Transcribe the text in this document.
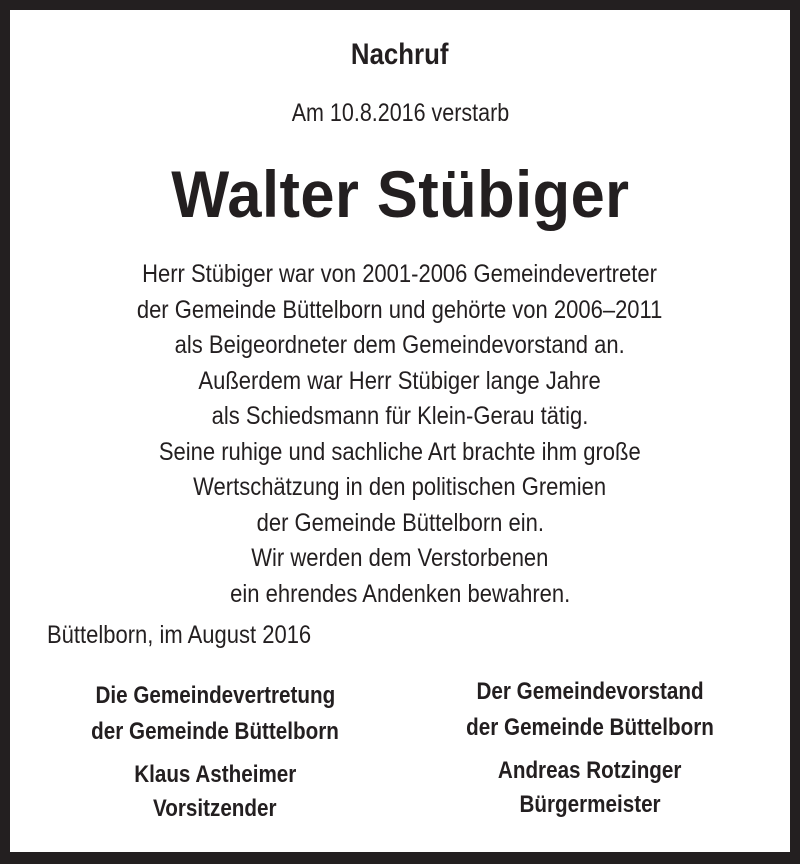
Nachruf
Am 10.8.2016 verstarb
Walter Stübiger
Herr Stübiger war von 2001-2006 Gemeindevertreter
der Gemeinde Büttelborn und gehörte von 2006–2011
als Beigeordneter dem Gemeindevorstand an.
Außerdem war Herr Stübiger lange Jahre
als Schiedsmann für Klein-Gerau tätig.
Seine ruhige und sachliche Art brachte ihm große
Wertschätzung in den politischen Gremien
der Gemeinde Büttelborn ein.
Wir werden dem Verstorbenen
ein ehrendes Andenken bewahren.
Büttelborn, im August 2016
Die Gemeindevertretung
der Gemeinde Büttelborn
Klaus Astheimer
Vorsitzender
Der Gemeindevorstand
der Gemeinde Büttelborn
Andreas Rotzinger
Bürgermeister
